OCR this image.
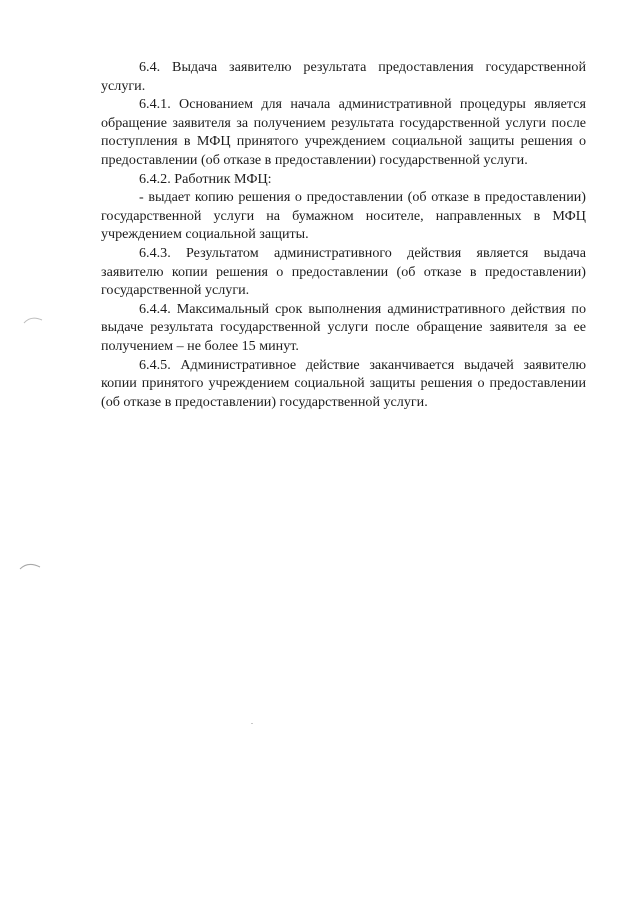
6.4. Выдача заявителю результата предоставления государственной услуги.

6.4.1. Основанием для начала административной процедуры является обращение заявителя за получением результата государственной услуги после поступления в МФЦ принятого учреждением социальной защиты решения о предоставлении (об отказе в предоставлении) государственной услуги.

6.4.2. Работник МФЦ:

- выдает копию решения о предоставлении (об отказе в предоставлении) государственной услуги на бумажном носителе, направленных в МФЦ учреждением социальной защиты.

6.4.3. Результатом административного действия является выдача заявителю копии решения о предоставлении (об отказе в предоставлении) государственной услуги.

6.4.4. Максимальный срок выполнения административного действия по выдаче результата государственной услуги после обращение заявителя за ее получением – не более 15 минут.

6.4.5. Административное действие заканчивается выдачей заявителю копии принятого учреждением социальной защиты решения о предоставлении (об отказе в предоставлении) государственной услуги.
